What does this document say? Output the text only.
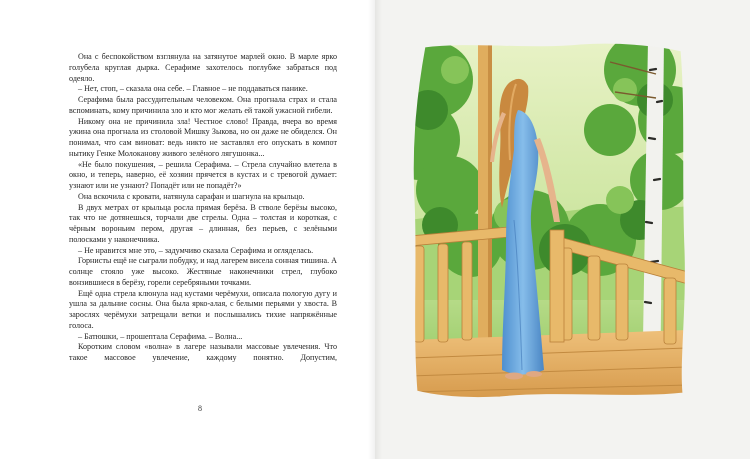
Она с беспокойством взглянула на затянутое марлей окно. В марле ярко голубела круглая дырка. Серафиме захотелось поглубже забраться под одеяло.

– Нет, стоп, – сказала она себе. – Главное – не поддаваться панике.

Серафима была рассудительным человеком. Она прогнала страх и стала вспоминать, кому причинила зло и кто мог желать ей такой ужасной гибели.

Никому она не причинила зла! Честное слово! Правда, вчера во время ужина она прогнала из столовой Мишку Зыкова, но он даже не обиделся. Он понимал, что сам виноват: ведь никто не заставлял его опускать в компот нытику Генке Молоканову живого зелёного лягушонка...

«Не было покушения, – решила Серафима. – Стрела случайно влетела в окно, и теперь, наверно, её хозяин прячется в кустах и с тревогой думает: узнают или не узнают? Попадёт или не попадёт?»

Она вскочила с кровати, натянула сарафан и шагнула на крыльцо.

В двух метрах от крыльца росла прямая берёза. В стволе берёзы высоко, так что не дотянешься, торчали две стрелы. Одна – толстая и короткая, с чёрным вороньим пером, другая – длинная, без перьев, с зелёными полосками у наконечника.

– Не нравится мне это, – задумчиво сказала Серафима и огляделась.

Горнисты ещё не сыграли побудку, и над лагерем висела сонная тишина. А солнце стояло уже высоко. Жестяные наконечники стрел, глубоко вонзившиеся в берёзу, горели серебряными точками.

Ещё одна стрела клюнула над кустами черёмухи, описала пологую дугу и ушла за дальние сосны. Она была ярко-алая, с белыми перьями у хвоста. В зарослях черёмухи затрещали ветки и послышались тихие напряжённые голоса.

– Батюшки, – прошептала Серафима. – Волна...

Коротким словом «волна» в лагере называли массовые увлечения. Что такое массовое увлечение, каждому понятно. Допустим,

8
